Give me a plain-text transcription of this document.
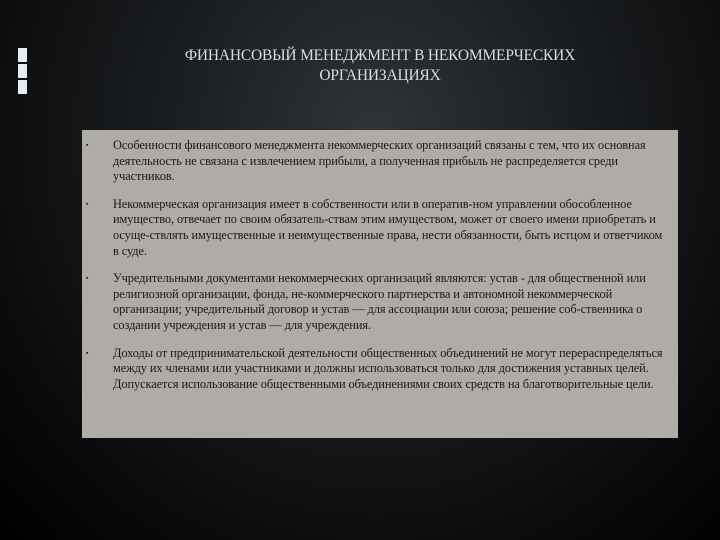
ФИНАНСОВЫЙ МЕНЕДЖМЕНТ В НЕКОММЕРЧЕСКИХ
ОРГАНИЗАЦИЯХ
▪ Особенности финансового менеджмента некоммерческих организаций связаны с тем, что их основная деятельность не связана с извлечением прибыли, а полученная прибыль не распределяется среди участников.
▪ Некоммерческая организация имеет в собственности или в оператив-ном управлении обособленное имущество, отвечает по своим обязатель-ствам этим имуществом, может от своего имени приобретать и осуще-ствлять имущественные и неимущественные права, нести обязанности, быть истцом и ответчиком в суде.
▪ Учредительными документами некоммерческих организаций являются: устав - для общественной или религиозной организации, фонда, не-коммерческого партнерства и автономной некоммерческой организации; учредительный договор и устав — для ассоциации или союза; решение соб-ственника о создании учреждения и устав — для учреждения.
▪ Доходы от предпринимательской деятельности общественных объединений не могут перераспределяться между их членами или участниками и должны использоваться только для достижения уставных целей. Допускается использование общественными объединениями своих средств на благотворительные цели.
